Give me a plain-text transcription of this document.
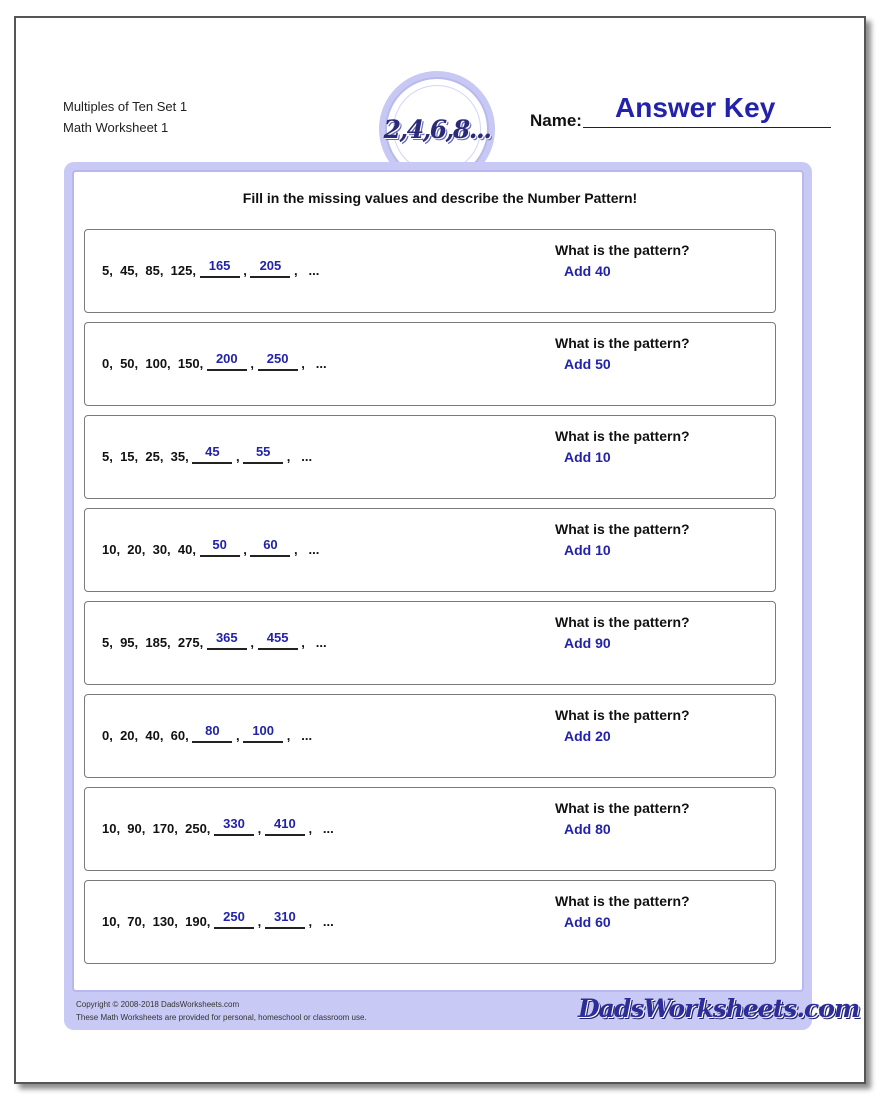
Multiples of Ten Set 1
Math Worksheet 1	2,4,6,8... Name: Answer Key
Fill in the missing values and describe the Number Pattern!
5,  45,  85,  125, 165 , 205 ,   ...
What is the pattern?
Add 40
0,  50,  100,  150, 200 , 250 ,   ...
What is the pattern?
Add 50
5,  15,  25,  35, 45 , 55 ,   ...
What is the pattern?
Add 10
10,  20,  30,  40, 50 , 60 ,   ...
What is the pattern?
Add 10
5,  95,  185,  275, 365 , 455 ,   ...
What is the pattern?
Add 90
0,  20,  40,  60, 80 , 100 ,   ...
What is the pattern?
Add 20
10,  90,  170,  250, 330 , 410 ,   ...
What is the pattern?
Add 80
10,  70,  130,  190, 250 , 310 ,   ...
What is the pattern?
Add 60
Copyright © 2008-2018 DadsWorksheets.com
These Math Worksheets are provided for personal, homeschool or classroom use.	DadsWorksheets.com
